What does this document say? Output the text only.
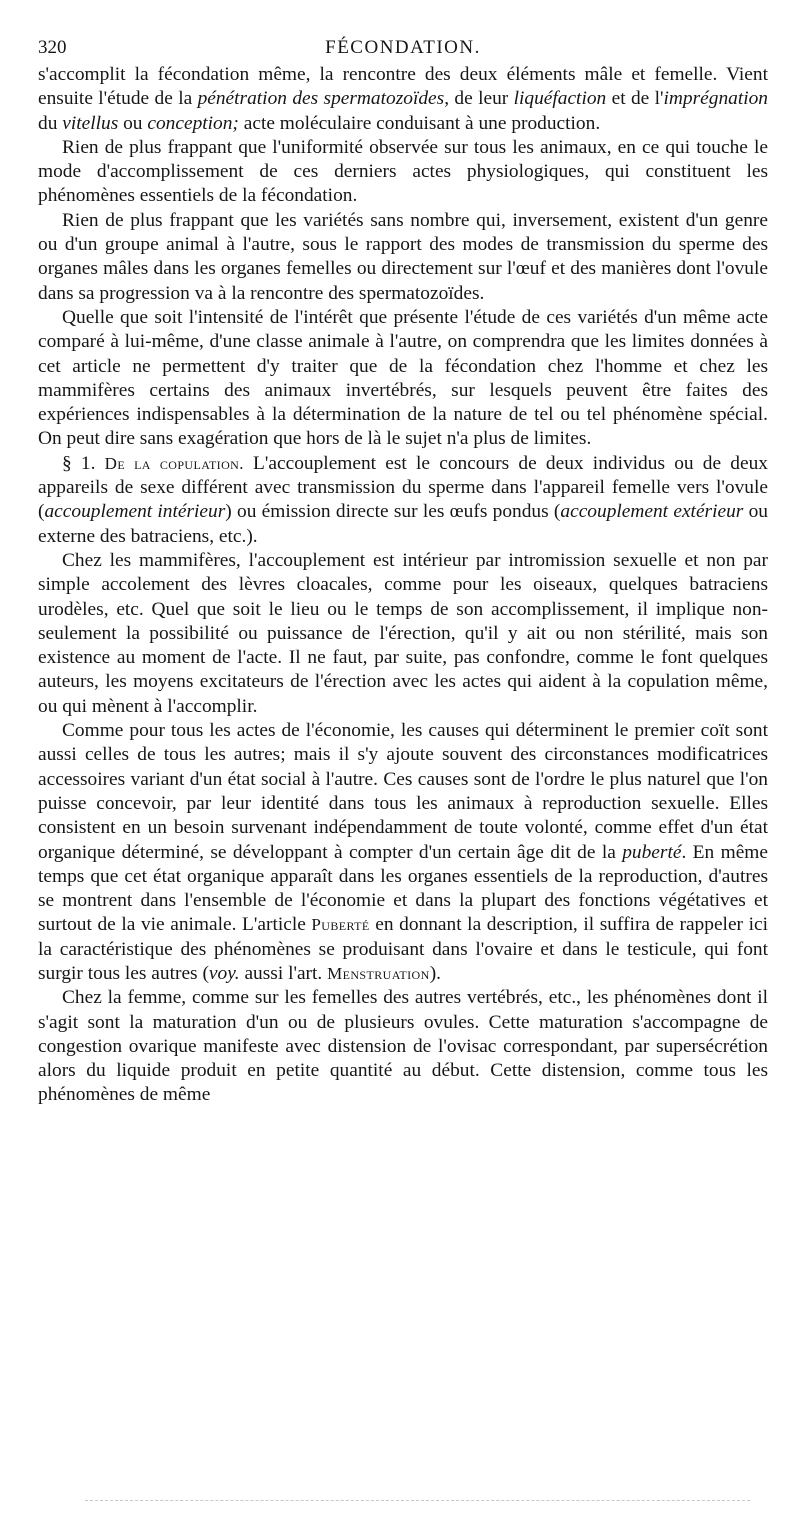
320	FÉCONDATION.

s'accomplit la fécondation même, la rencontre des deux éléments mâle et femelle. Vient ensuite l'étude de la pénétration des spermatozoïdes, de leur liquéfaction et de l'imprégnation du vitellus ou conception; acte moléculaire conduisant à une production.

Rien de plus frappant que l'uniformité observée sur tous les animaux, en ce qui touche le mode d'accomplissement de ces derniers actes physiologiques, qui constituent les phénomènes essentiels de la fécondation.

Rien de plus frappant que les variétés sans nombre qui, inversement, existent d'un genre ou d'un groupe animal à l'autre, sous le rapport des modes de transmission du sperme des organes mâles dans les organes femelles ou directement sur l'œuf et des manières dont l'ovule dans sa progression va à la rencontre des spermatozoïdes.

Quelle que soit l'intensité de l'intérêt que présente l'étude de ces variétés d'un même acte comparé à lui-même, d'une classe animale à l'autre, on comprendra que les limites données à cet article ne permettent d'y traiter que de la fécondation chez l'homme et chez les mammifères certains des animaux invertébrés, sur lesquels peuvent être faites des expériences indispensables à la détermination de la nature de tel ou tel phénomène spécial. On peut dire sans exagération que hors de là le sujet n'a plus de limites.

§ 1. De la copulation. L'accouplement est le concours de deux individus ou de deux appareils de sexe différent avec transmission du sperme dans l'appareil femelle vers l'ovule (accouplement intérieur) ou émission directe sur les œufs pondus (accouplement extérieur ou externe des batraciens, etc.).

Chez les mammifères, l'accouplement est intérieur par intromission sexuelle et non par simple accolement des lèvres cloacales, comme pour les oiseaux, quelques batraciens urodèles, etc. Quel que soit le lieu ou le temps de son accomplissement, il implique non-seulement la possibilité ou puissance de l'érection, qu'il y ait ou non stérilité, mais son existence au moment de l'acte. Il ne faut, par suite, pas confondre, comme le font quelques auteurs, les moyens excitateurs de l'érection avec les actes qui aident à la copulation même, ou qui mènent à l'accomplir.

Comme pour tous les actes de l'économie, les causes qui déterminent le premier coït sont aussi celles de tous les autres; mais il s'y ajoute souvent des circonstances modificatrices accessoires variant d'un état social à l'autre. Ces causes sont de l'ordre le plus naturel que l'on puisse concevoir, par leur identité dans tous les animaux à reproduction sexuelle. Elles consistent en un besoin survenant indépendamment de toute volonté, comme effet d'un état organique déterminé, se développant à compter d'un certain âge dit de la puberté. En même temps que cet état organique apparaît dans les organes essentiels de la reproduction, d'autres se montrent dans l'ensemble de l'économie et dans la plupart des fonctions végétatives et surtout de la vie animale. L'article Puberté en donnant la description, il suffira de rappeler ici la caractéristique des phénomènes se produisant dans l'ovaire et dans le testicule, qui font surgir tous les autres (voy. aussi l'art. Menstruation).

Chez la femme, comme sur les femelles des autres vertébrés, etc., les phénomènes dont il s'agit sont la maturation d'un ou de plusieurs ovules. Cette maturation s'accompagne de congestion ovarique manifeste avec distension de l'ovisac correspondant, par supersécrétion alors du liquide produit en petite quantité au début. Cette distension, comme tous les phénomènes de même
